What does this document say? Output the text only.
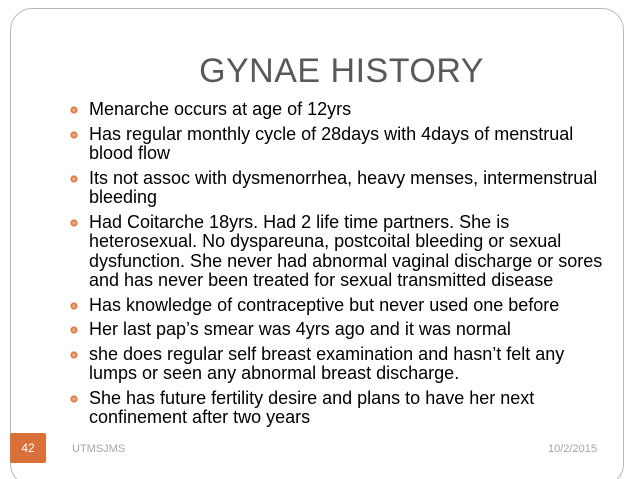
GYNAE HISTORY
Menarche occurs at age of 12yrs
Has regular monthly cycle of 28days with 4days of menstrual blood flow
Its not assoc with dysmenorrhea, heavy menses, intermenstrual bleeding
Had Coitarche 18yrs. Had 2 life time partners. She is heterosexual. No dyspareuna, postcoital bleeding or sexual dysfunction. She never had abnormal vaginal discharge or sores and has never been treated for sexual transmitted disease
Has knowledge of contraceptive but never used one before
Her last pap’s smear was 4yrs ago and it was normal
she does regular self breast examination and hasn’t felt any lumps or seen any abnormal breast discharge.
She has future fertility desire and plans to have her next confinement after two years
42	UTMSJMS	10/2/2015
